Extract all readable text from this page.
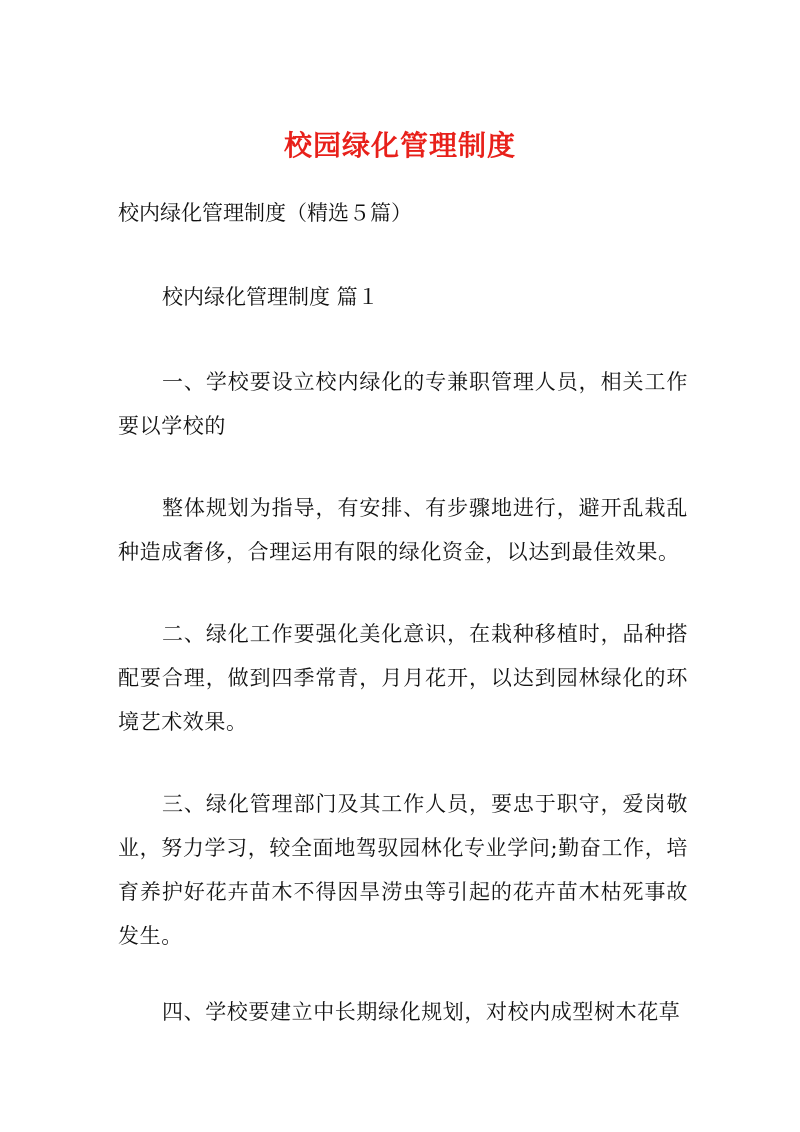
校园绿化管理制度

校内绿化管理制度（精选５篇）

校内绿化管理制度 篇１

一、学校要设立校内绿化的专兼职管理人员，相关工作要以学校的

整体规划为指导，有安排、有步骤地进行，避开乱栽乱种造成奢侈，合理运用有限的绿化资金，以达到最佳效果。

二、绿化工作要强化美化意识，在栽种移植时，品种搭配要合理，做到四季常青，月月花开，以达到园林绿化的环境艺术效果。

三、绿化管理部门及其工作人员，要忠于职守，爱岗敬业，努力学习，较全面地驾驭园林化专业学问;勤奋工作，培育养护好花卉苗木不得因旱涝虫等引起的花卉苗木枯死事故发生。

四、学校要建立中长期绿化规划，对校内成型树木花草
